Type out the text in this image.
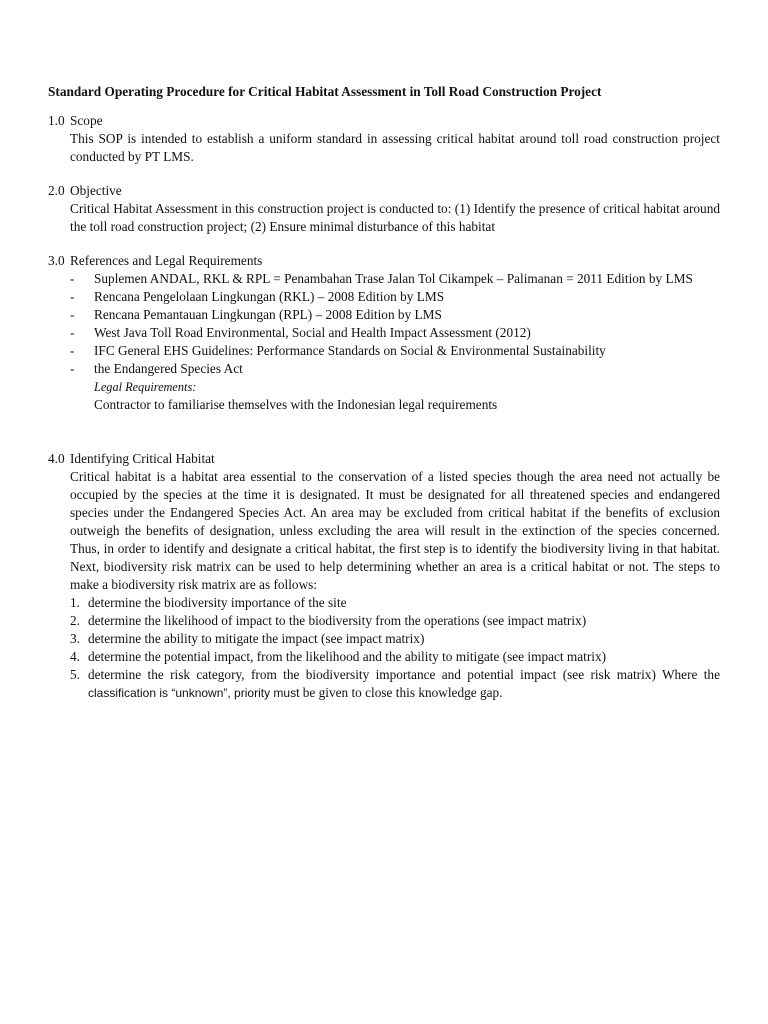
Standard Operating Procedure for Critical Habitat Assessment in Toll Road Construction Project
1.0 Scope
This SOP is intended to establish a uniform standard in assessing critical habitat around toll road construction project conducted by PT LMS.
2.0 Objective
Critical Habitat Assessment in this construction project is conducted to: (1) Identify the presence of critical habitat around the toll road construction project; (2) Ensure minimal disturbance of this habitat
3.0 References and Legal Requirements
-	Suplemen ANDAL, RKL & RPL = Penambahan Trase Jalan Tol Cikampek – Palimanan = 2011 Edition by LMS
-	Rencana Pengelolaan Lingkungan (RKL) – 2008 Edition by LMS
-	Rencana Pemantauan Lingkungan (RPL) – 2008 Edition by LMS
-	West Java Toll Road Environmental, Social and Health Impact Assessment (2012)
-	IFC General EHS Guidelines: Performance Standards on Social & Environmental Sustainability
-	the Endangered Species Act
Legal Requirements:
Contractor to familiarise themselves with the Indonesian legal requirements
4.0 Identifying Critical Habitat
Critical habitat is a habitat area essential to the conservation of a listed species though the area need not actually be occupied by the species at the time it is designated. It must be designated for all threatened species and endangered species under the Endangered Species Act. An area may be excluded from critical habitat if the benefits of exclusion outweigh the benefits of designation, unless excluding the area will result in the extinction of the species concerned. Thus, in order to identify and designate a critical habitat, the first step is to identify the biodiversity living in that habitat. Next, biodiversity risk matrix can be used to help determining whether an area is a critical habitat or not. The steps to make a biodiversity risk matrix are as follows:
1. determine the biodiversity importance of the site
2. determine the likelihood of impact to the biodiversity from the operations (see impact matrix)
3. determine the ability to mitigate the impact (see impact matrix)
4. determine the potential impact, from the likelihood and the ability to mitigate (see impact matrix)
5. determine the risk category, from the biodiversity importance and potential impact (see risk matrix) Where the classification is “unknown”, priority must be given to close this knowledge gap.
